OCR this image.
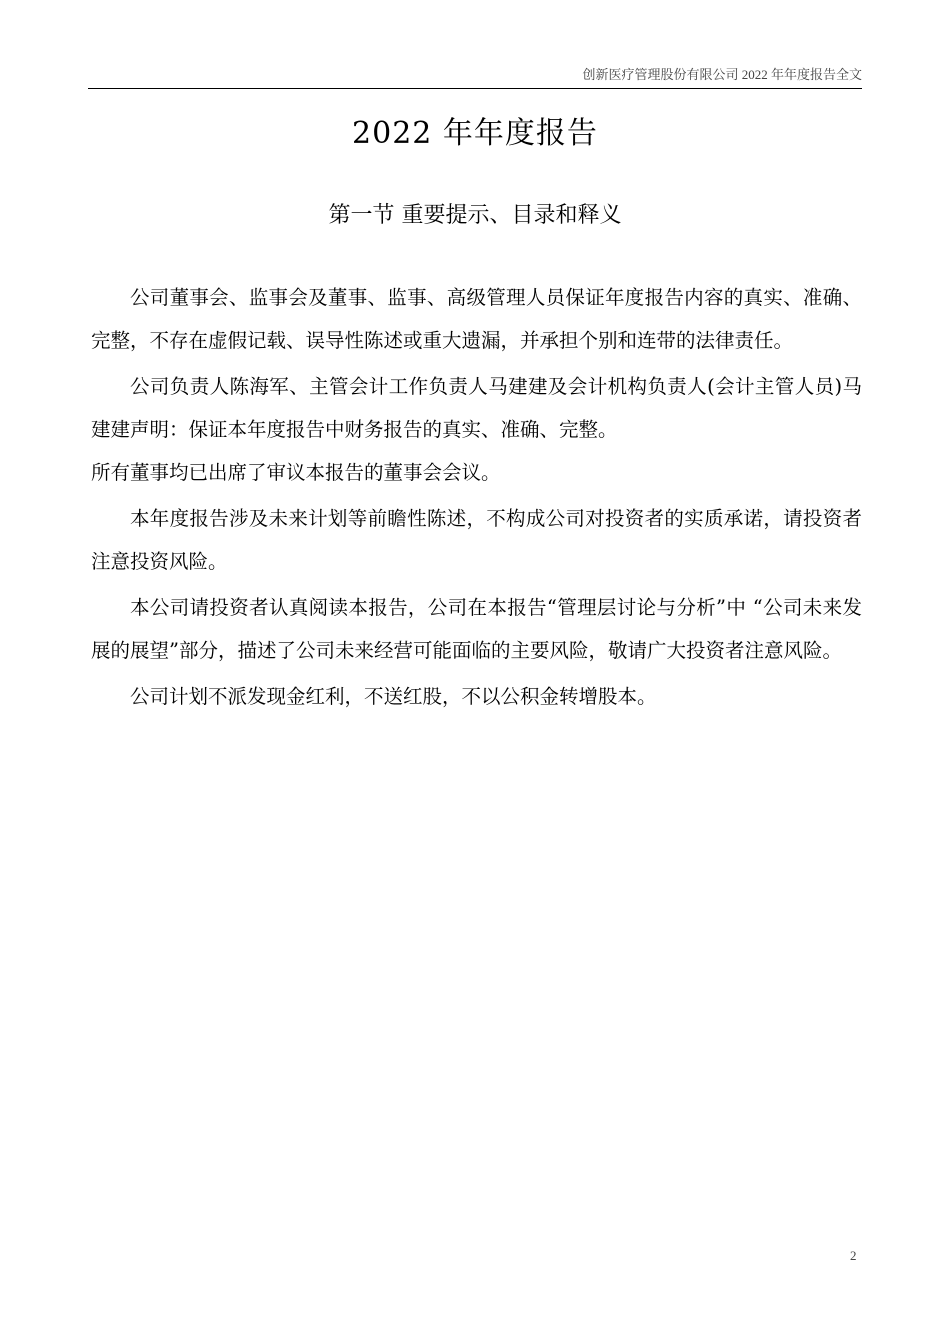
创新医疗管理股份有限公司 2022 年年度报告全文
2022 年年度报告
第一节 重要提示、目录和释义

公司董事会、监事会及董事、监事、高级管理人员保证年度报告内容的真实、准确、完整，不存在虚假记载、误导性陈述或重大遗漏，并承担个别和连带的法律责任。

公司负责人陈海军、主管会计工作负责人马建建及会计机构负责人(会计主管人员)马建建声明：保证本年度报告中财务报告的真实、准确、完整。

所有董事均已出席了审议本报告的董事会会议。

本年度报告涉及未来计划等前瞻性陈述，不构成公司对投资者的实质承诺，请投资者注意投资风险。

本公司请投资者认真阅读本报告，公司在本报告“管理层讨论与分析”中 “公司未来发展的展望”部分，描述了公司未来经营可能面临的主要风险，敬请广大投资者注意风险。

公司计划不派发现金红利，不送红股，不以公积金转增股本。

2
